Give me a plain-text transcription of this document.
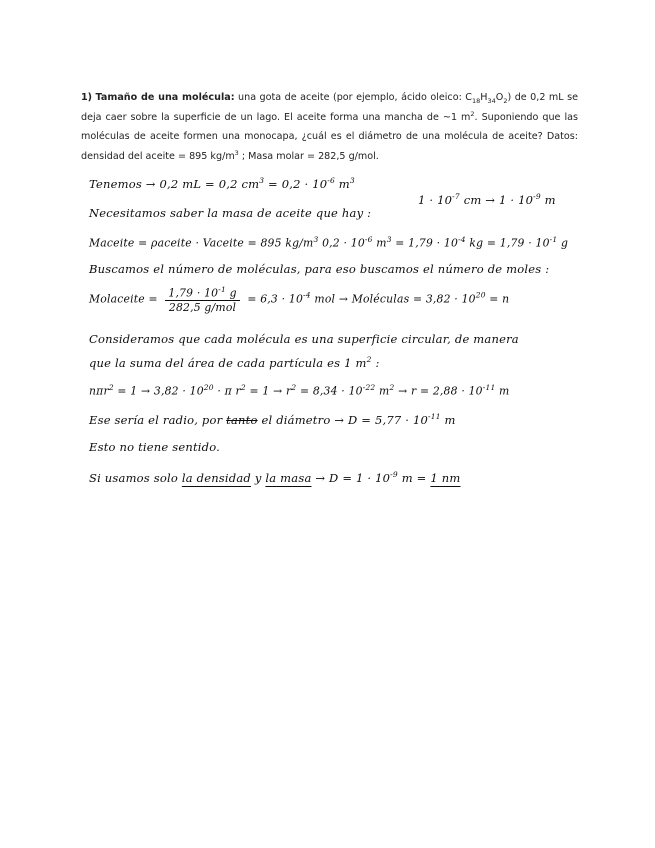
1) Tamaño de una molécula: una gota de aceite (por ejemplo, ácido oleico: $C_{18}H_{34}O_2$) de 0,2 mL se deja caer sobre la superficie de un lago. El aceite forma una mancha de ~1 $m^2$. Suponiendo que las moléculas de aceite formen una monocapa, ¿cuál es el diámetro de una molécula de aceite? Datos: densidad del aceite = 895 $kg/m^3$ ; Masa molar = 282,5 g/mol.
Tenemos → 0,2 mL = 0,2 $cm^3 = 0,2 \cdot 10^{-6}$ $m^3$
$1 \cdot 10^{-7}$ cm → $1 \cdot 10^{-9}$ m
Necesitamos saber la masa de aceite que hay :
Maceite = ρaceite · Vaceite = 895 $kg/m^3$ $0,2 \cdot 10^{-6}$ $m^3 = 1,79 \cdot 10^{-4}$ kg = $1,79 \cdot 10^{-1}$ g
Buscamos el número de moléculas, para eso buscamos el número de moles :
Molaceite = $\frac{1,79 \cdot 10^{-1} g}{\text{282,5 g/mol}} = 6,3 \cdot 10^{-4}$ mol → Moléculas = $3,82 \cdot 10^{20} = n$
Consideramos que cada molécula es una superficie circular, de manera
que la suma del área de cada partícula es 1 $m^2$ :
$n\pi r^2 = 1 \to 3,82 \cdot 10^{20} \cdot \pi$ $r^2 = 1 \to r^2 = 8,34 \cdot 10^{-22}$ $m^2 \to r = 2,88 \cdot 10^{-11}$ m
Ese sería el radio, por tanto el diámetro → $D = 5,77 \cdot 10^{-11}$ m
Esto no tiene sentido.
Si usamos solo la densidad y la masa → $D = 1 \cdot 10^{-9}$ m = 1 nm
